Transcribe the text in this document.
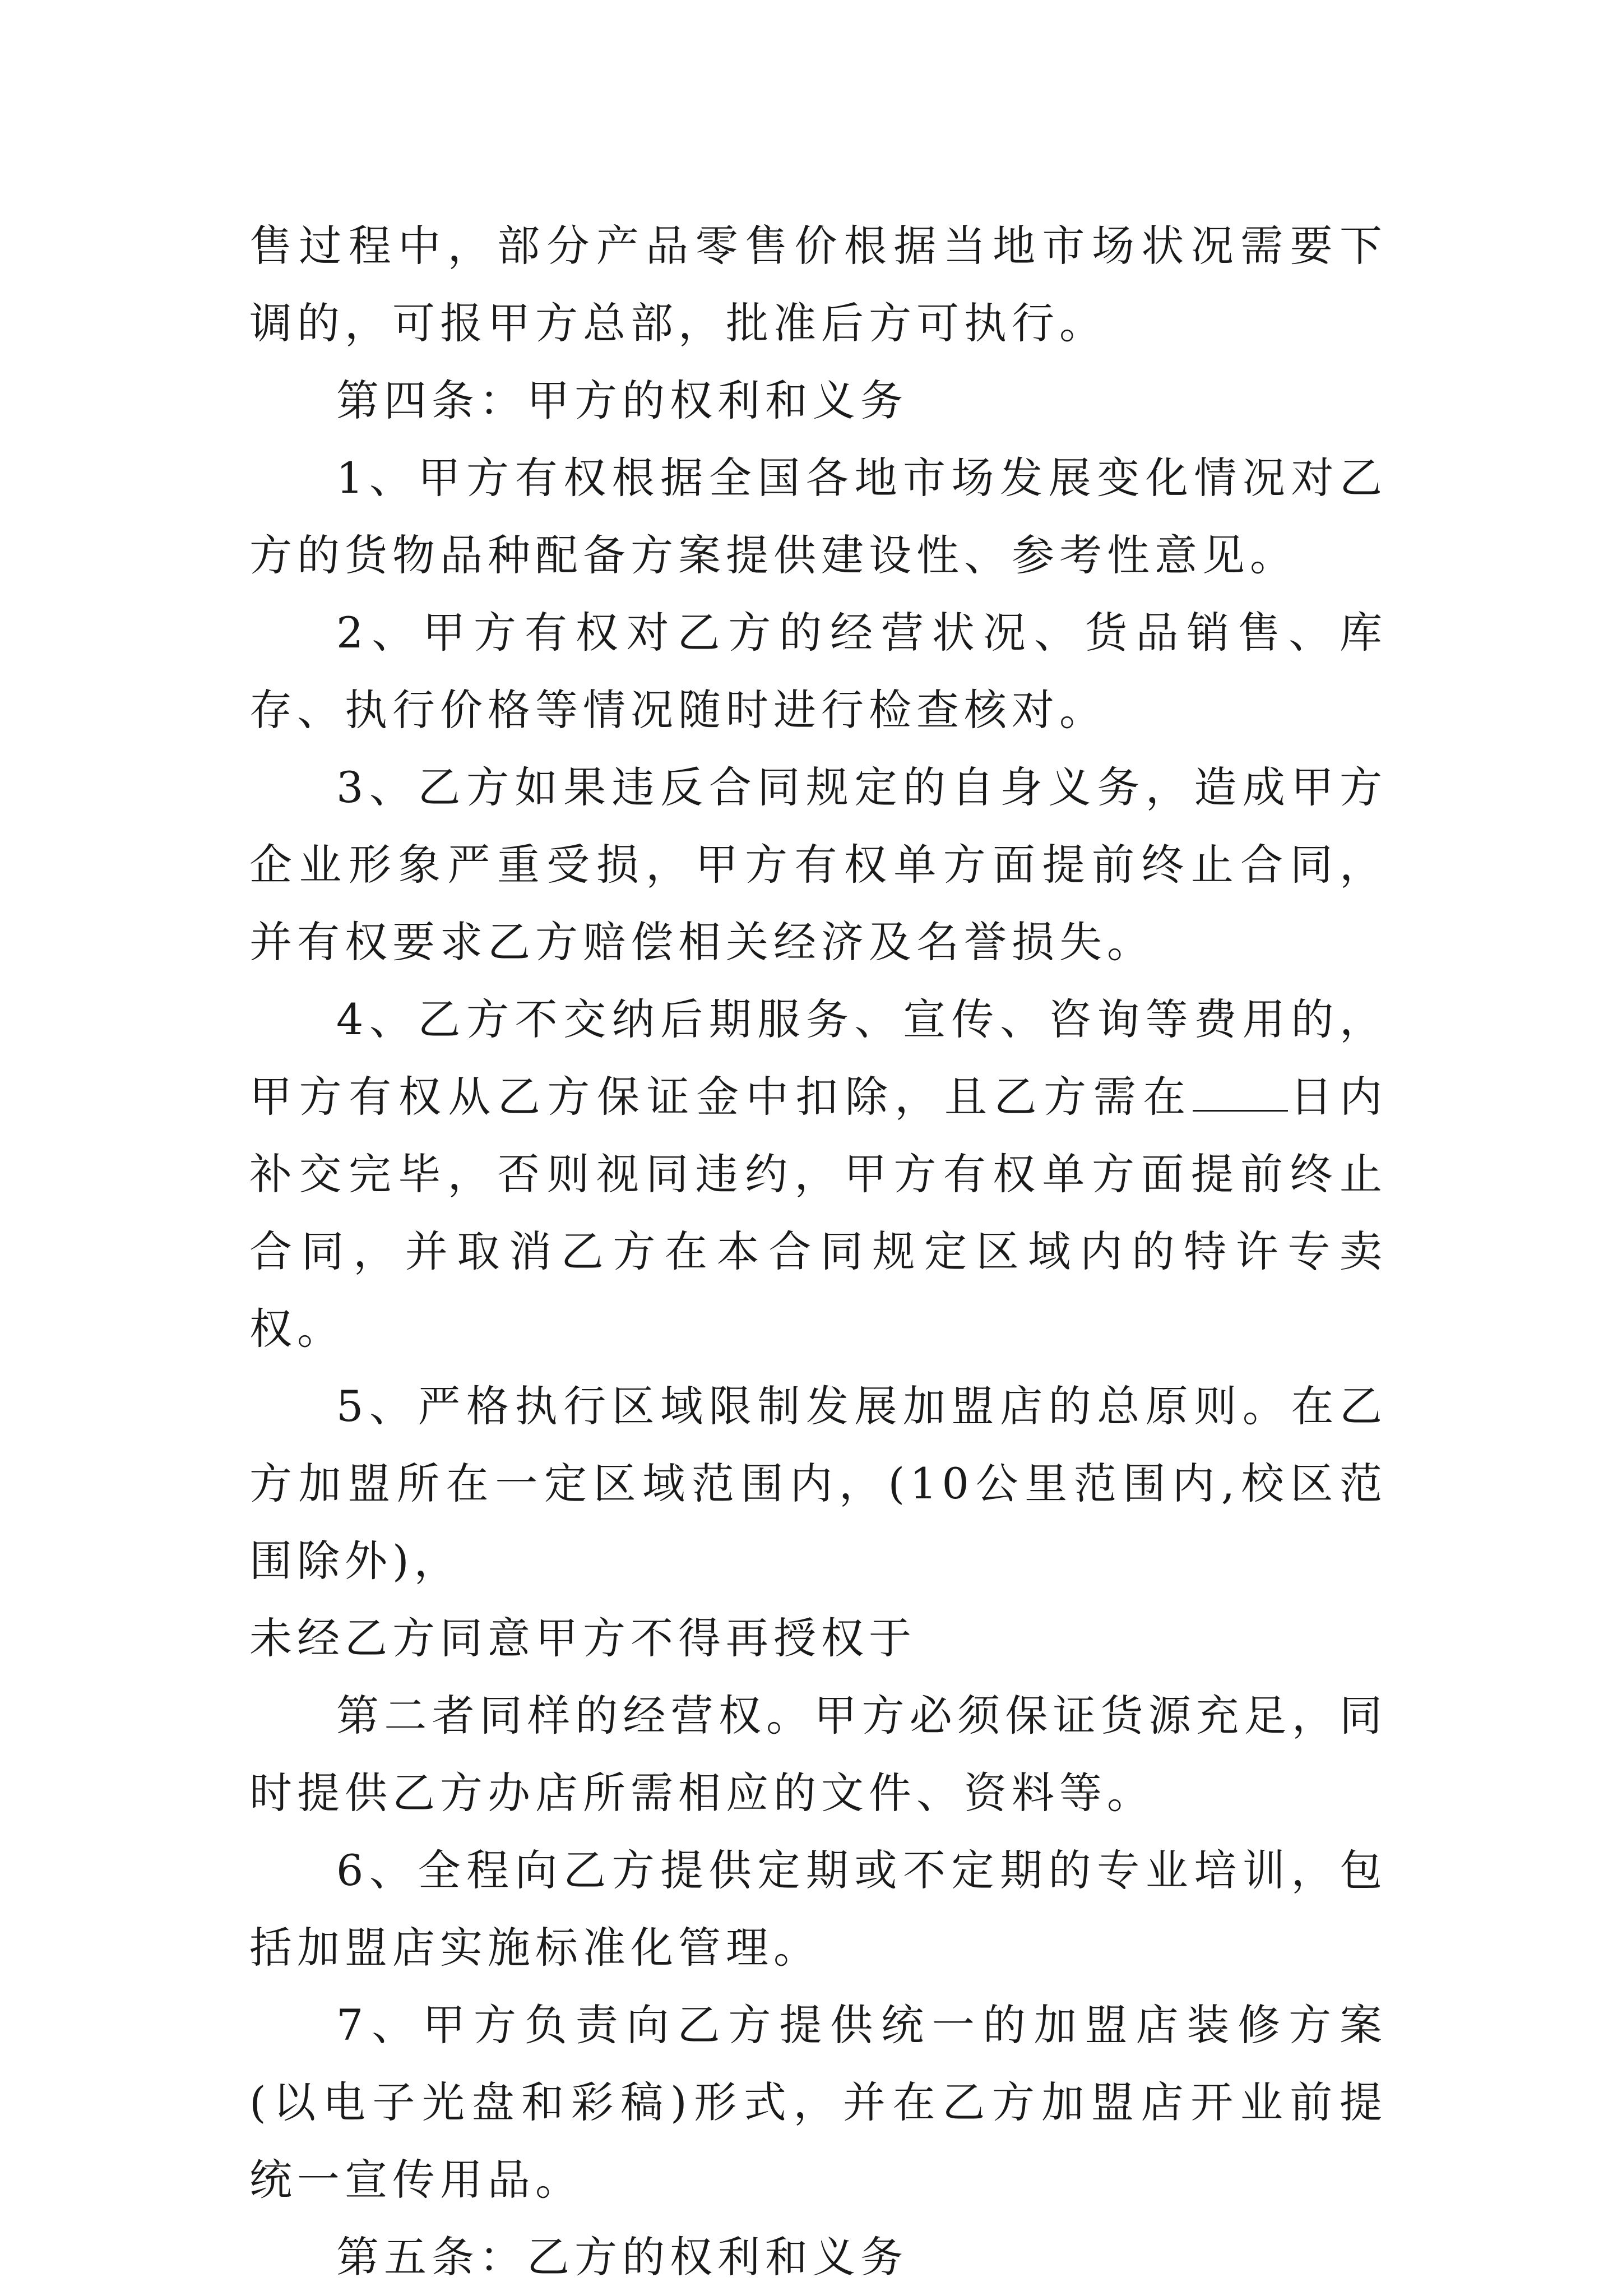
售过程中，部分产品零售价根据当地市场状况需要下调的，可报甲方总部，批准后方可执行。

第四条：甲方的权利和义务

1、甲方有权根据全国各地市场发展变化情况对乙方的货物品种配备方案提供建设性、参考性意见。

2、甲方有权对乙方的经营状况、货品销售、库存、执行价格等情况随时进行检查核对。

3、乙方如果违反合同规定的自身义务，造成甲方企业形象严重受损，甲方有权单方面提前终止合同，并有权要求乙方赔偿相关经济及名誉损失。

4、乙方不交纳后期服务、宣传、咨询等费用的，甲方有权从乙方保证金中扣除，且乙方需在 日内补交完毕，否则视同违约，甲方有权单方面提前终止合同，并取消乙方在本合同规定区域内的特许专卖权。

5、严格执行区域限制发展加盟店的总原则。在乙方加盟所在一定区域范围内，(10公里范围内,校区范围除外)，

未经乙方同意甲方不得再授权于

第二者同样的经营权。甲方必须保证货源充足，同时提供乙方办店所需相应的文件、资料等。

6、全程向乙方提供定期或不定期的专业培训，包括加盟店实施标准化管理。

7、甲方负责向乙方提供统一的加盟店装修方案(以电子光盘和彩稿)形式，并在乙方加盟店开业前提统一宣传用品。

第五条：乙方的权利和义务
